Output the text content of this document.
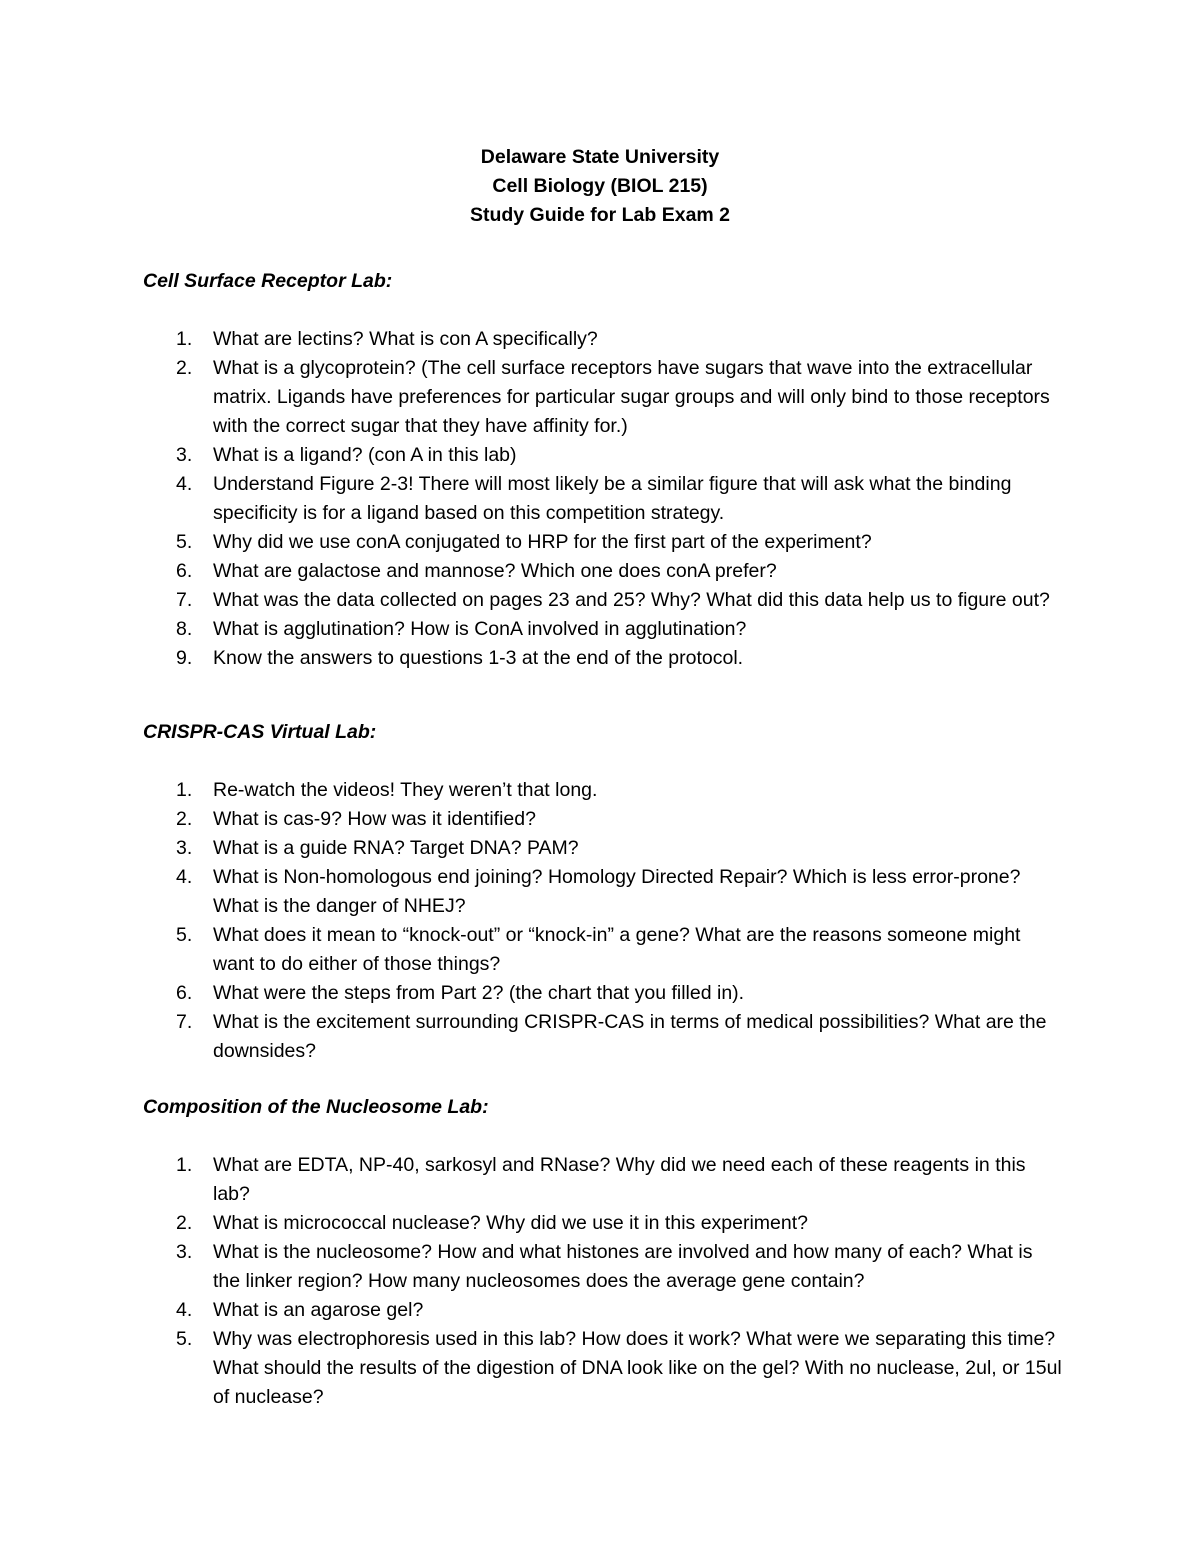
Delaware State University
Cell Biology (BIOL 215)
Study Guide for Lab Exam 2

Cell Surface Receptor Lab:

1. What are lectins? What is con A specifically?
2. What is a glycoprotein? (The cell surface receptors have sugars that wave into the extracellular matrix. Ligands have preferences for particular sugar groups and will only bind to those receptors with the correct sugar that they have affinity for.)
3. What is a ligand? (con A in this lab)
4. Understand Figure 2-3! There will most likely be a similar figure that will ask what the binding specificity is for a ligand based on this competition strategy.
5. Why did we use conA conjugated to HRP for the first part of the experiment?
6. What are galactose and mannose? Which one does conA prefer?
7. What was the data collected on pages 23 and 25? Why? What did this data help us to figure out?
8. What is agglutination? How is ConA involved in agglutination?
9. Know the answers to questions 1-3 at the end of the protocol.

CRISPR-CAS Virtual Lab:

1. Re-watch the videos! They weren’t that long.
2. What is cas-9? How was it identified?
3. What is a guide RNA? Target DNA? PAM?
4. What is Non-homologous end joining? Homology Directed Repair? Which is less error-prone? What is the danger of NHEJ?
5. What does it mean to “knock-out” or “knock-in” a gene? What are the reasons someone might want to do either of those things?
6. What were the steps from Part 2? (the chart that you filled in).
7. What is the excitement surrounding CRISPR-CAS in terms of medical possibilities? What are the downsides?

Composition of the Nucleosome Lab:

1. What are EDTA, NP-40, sarkosyl and RNase? Why did we need each of these reagents in this lab?
2. What is micrococcal nuclease? Why did we use it in this experiment?
3. What is the nucleosome? How and what histones are involved and how many of each? What is the linker region? How many nucleosomes does the average gene contain?
4. What is an agarose gel?
5. Why was electrophoresis used in this lab? How does it work? What were we separating this time? What should the results of the digestion of DNA look like on the gel? With no nuclease, 2ul, or 15ul of nuclease?
